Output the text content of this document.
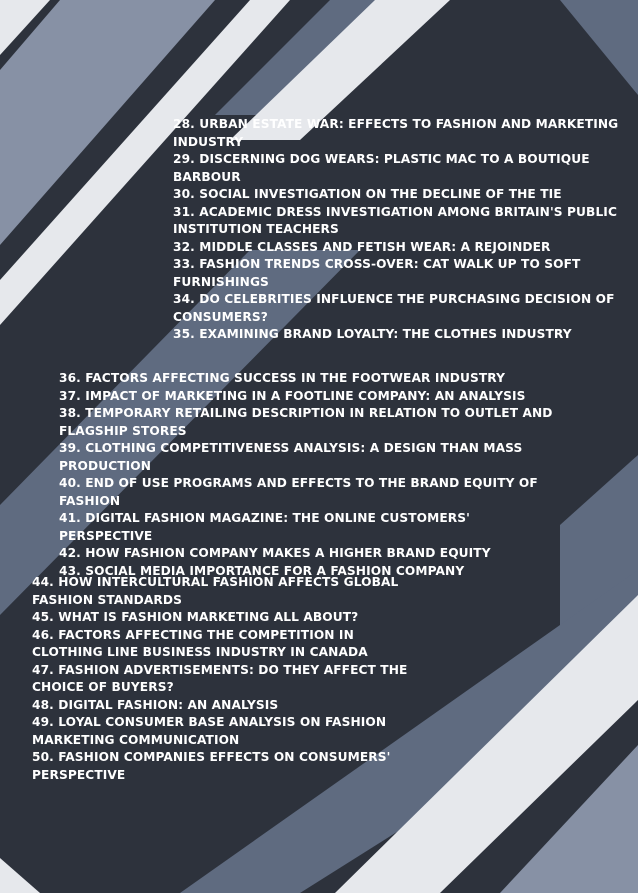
28. URBAN ESTATE WAR: EFFECTS TO FASHION AND MARKETING INDUSTRY
29. DISCERNING DOG WEARS: PLASTIC MAC TO A BOUTIQUE BARBOUR
30. SOCIAL INVESTIGATION ON THE DECLINE OF THE TIE
31. ACADEMIC DRESS INVESTIGATION AMONG BRITAIN'S PUBLIC INSTITUTION TEACHERS
32. MIDDLE CLASSES AND FETISH WEAR: A REJOINDER
33. FASHION TRENDS CROSS-OVER: CAT WALK UP TO SOFT FURNISHINGS
34. DO CELEBRITIES INFLUENCE THE PURCHASING DECISION OF CONSUMERS?
35. EXAMINING BRAND LOYALTY: THE CLOTHES INDUSTRY
36. FACTORS AFFECTING SUCCESS IN THE FOOTWEAR INDUSTRY
37. IMPACT OF MARKETING IN A FOOTLINE COMPANY: AN ANALYSIS
38. TEMPORARY RETAILING DESCRIPTION IN RELATION TO OUTLET AND FLAGSHIP STORES
39. CLOTHING COMPETITIVENESS ANALYSIS: A DESIGN THAN MASS PRODUCTION
40. END OF USE PROGRAMS AND EFFECTS TO THE BRAND EQUITY OF FASHION
41. DIGITAL FASHION MAGAZINE: THE ONLINE CUSTOMERS' PERSPECTIVE
42. HOW FASHION COMPANY MAKES A HIGHER BRAND EQUITY
43. SOCIAL MEDIA IMPORTANCE FOR A FASHION COMPANY
44. HOW INTERCULTURAL FASHION AFFECTS GLOBAL FASHION STANDARDS
45. WHAT IS FASHION MARKETING ALL ABOUT?
46. FACTORS AFFECTING THE COMPETITION IN CLOTHING LINE BUSINESS INDUSTRY IN CANADA
47. FASHION ADVERTISEMENTS: DO THEY AFFECT THE CHOICE OF BUYERS?
48. DIGITAL FASHION: AN ANALYSIS
49. LOYAL CONSUMER BASE ANALYSIS ON FASHION MARKETING COMMUNICATION
50. FASHION COMPANIES EFFECTS ON CONSUMERS' PERSPECTIVE
